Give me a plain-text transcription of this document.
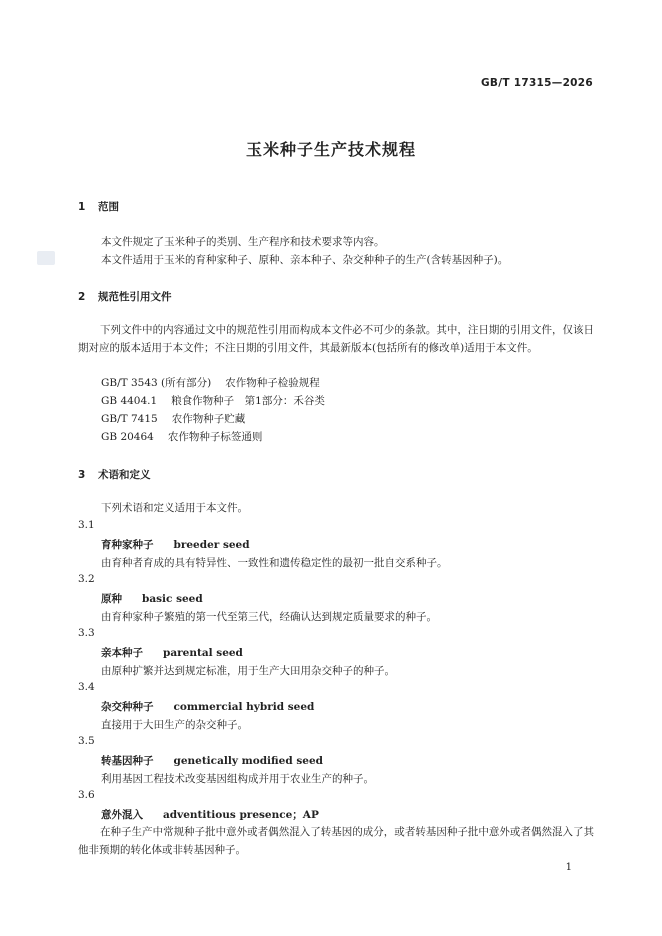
GB/T 17315—2026
玉米种子生产技术规程
1 范围
本文件规定了玉米种子的类别、生产程序和技术要求等内容。
本文件适用于玉米的育种家种子、原种、亲本种子、杂交种种子的生产(含转基因种子)。
2 规范性引用文件
下列文件中的内容通过文中的规范性引用而构成本文件必不可少的条款。其中，注日期的引用文件，仅该日期对应的版本适用于本文件；不注日期的引用文件，其最新版本(包括所有的修改单)适用于本文件。
GB/T 3543 (所有部分) 农作物种子检验规程
GB 4404.1 粮食作物种子　第1部分：禾谷类
GB/T 7415 农作物种子贮藏
GB 20464 农作物种子标签通则
3 术语和定义
下列术语和定义适用于本文件。
3.1
育种家种子 breeder seed
由育种者育成的具有特异性、一致性和遗传稳定性的最初一批自交系种子。
3.2
原种 basic seed
由育种家种子繁殖的第一代至第三代，经确认达到规定质量要求的种子。
3.3
亲本种子 parental seed
由原种扩繁并达到规定标准，用于生产大田用杂交种子的种子。
3.4
杂交种种子 commercial hybrid seed
直接用于大田生产的杂交种子。
3.5
转基因种子 genetically modified seed
利用基因工程技术改变基因组构成并用于农业生产的种子。
3.6
意外混入 adventitious presence；AP
在种子生产中常规种子批中意外或者偶然混入了转基因的成分，或者转基因种子批中意外或者偶然混入了其他非预期的转化体或非转基因种子。
1
